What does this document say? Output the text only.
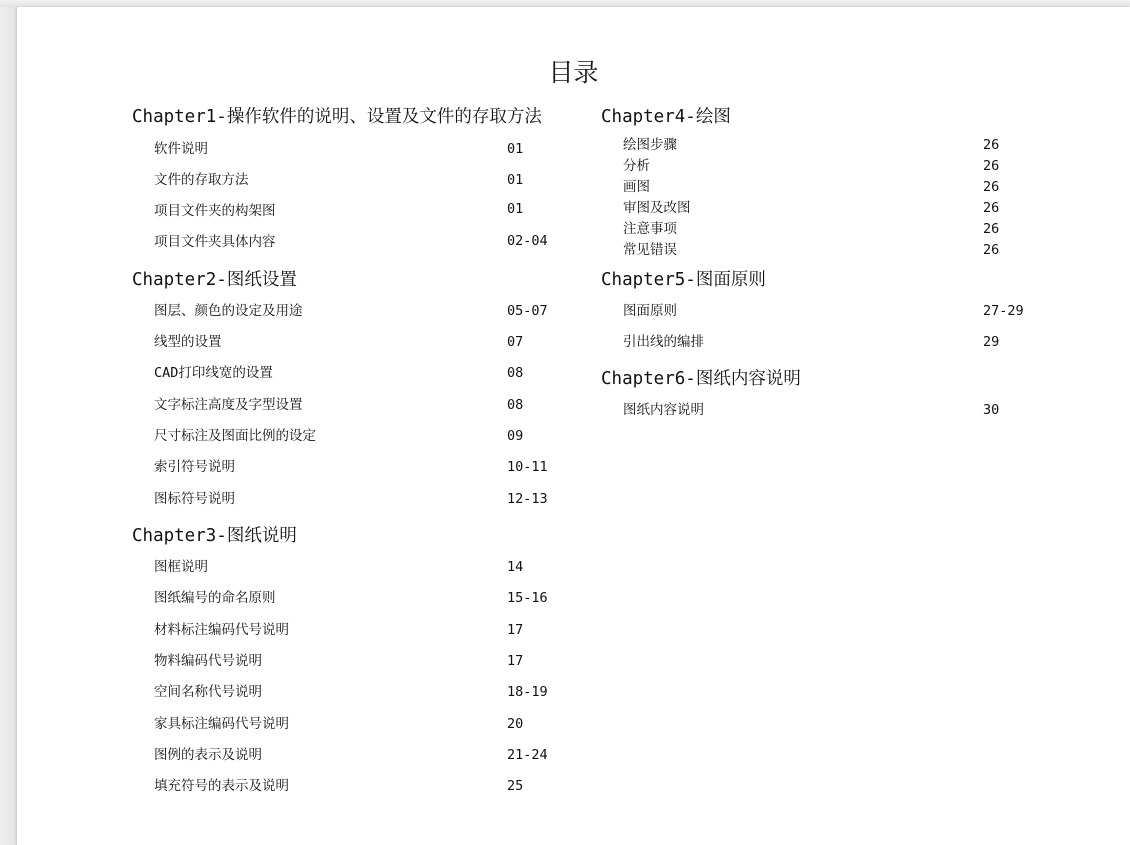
目录
Chapter1-操作软件的说明、设置及文件的存取方法
软件说明	01
文件的存取方法	01
项目文件夹的构架图	01
项目文件夹具体内容	02-04
Chapter2-图纸设置
图层、颜色的设定及用途	05-07
线型的设置	07
CAD打印线宽的设置	08
文字标注高度及字型设置	08
尺寸标注及图面比例的设定	09
索引符号说明	10-11
图标符号说明	12-13
Chapter3-图纸说明
图框说明	14
图纸编号的命名原则	15-16
材料标注编码代号说明	17
物料编码代号说明	17
空间名称代号说明	18-19
家具标注编码代号说明	20
图例的表示及说明	21-24
填充符号的表示及说明	25
Chapter4-绘图
绘图步骤	26
分析	26
画图	26
审图及改图	26
注意事项	26
常见错误	26
Chapter5-图面原则
图面原则	27-29
引出线的编排	29
Chapter6-图纸内容说明
图纸内容说明	30
